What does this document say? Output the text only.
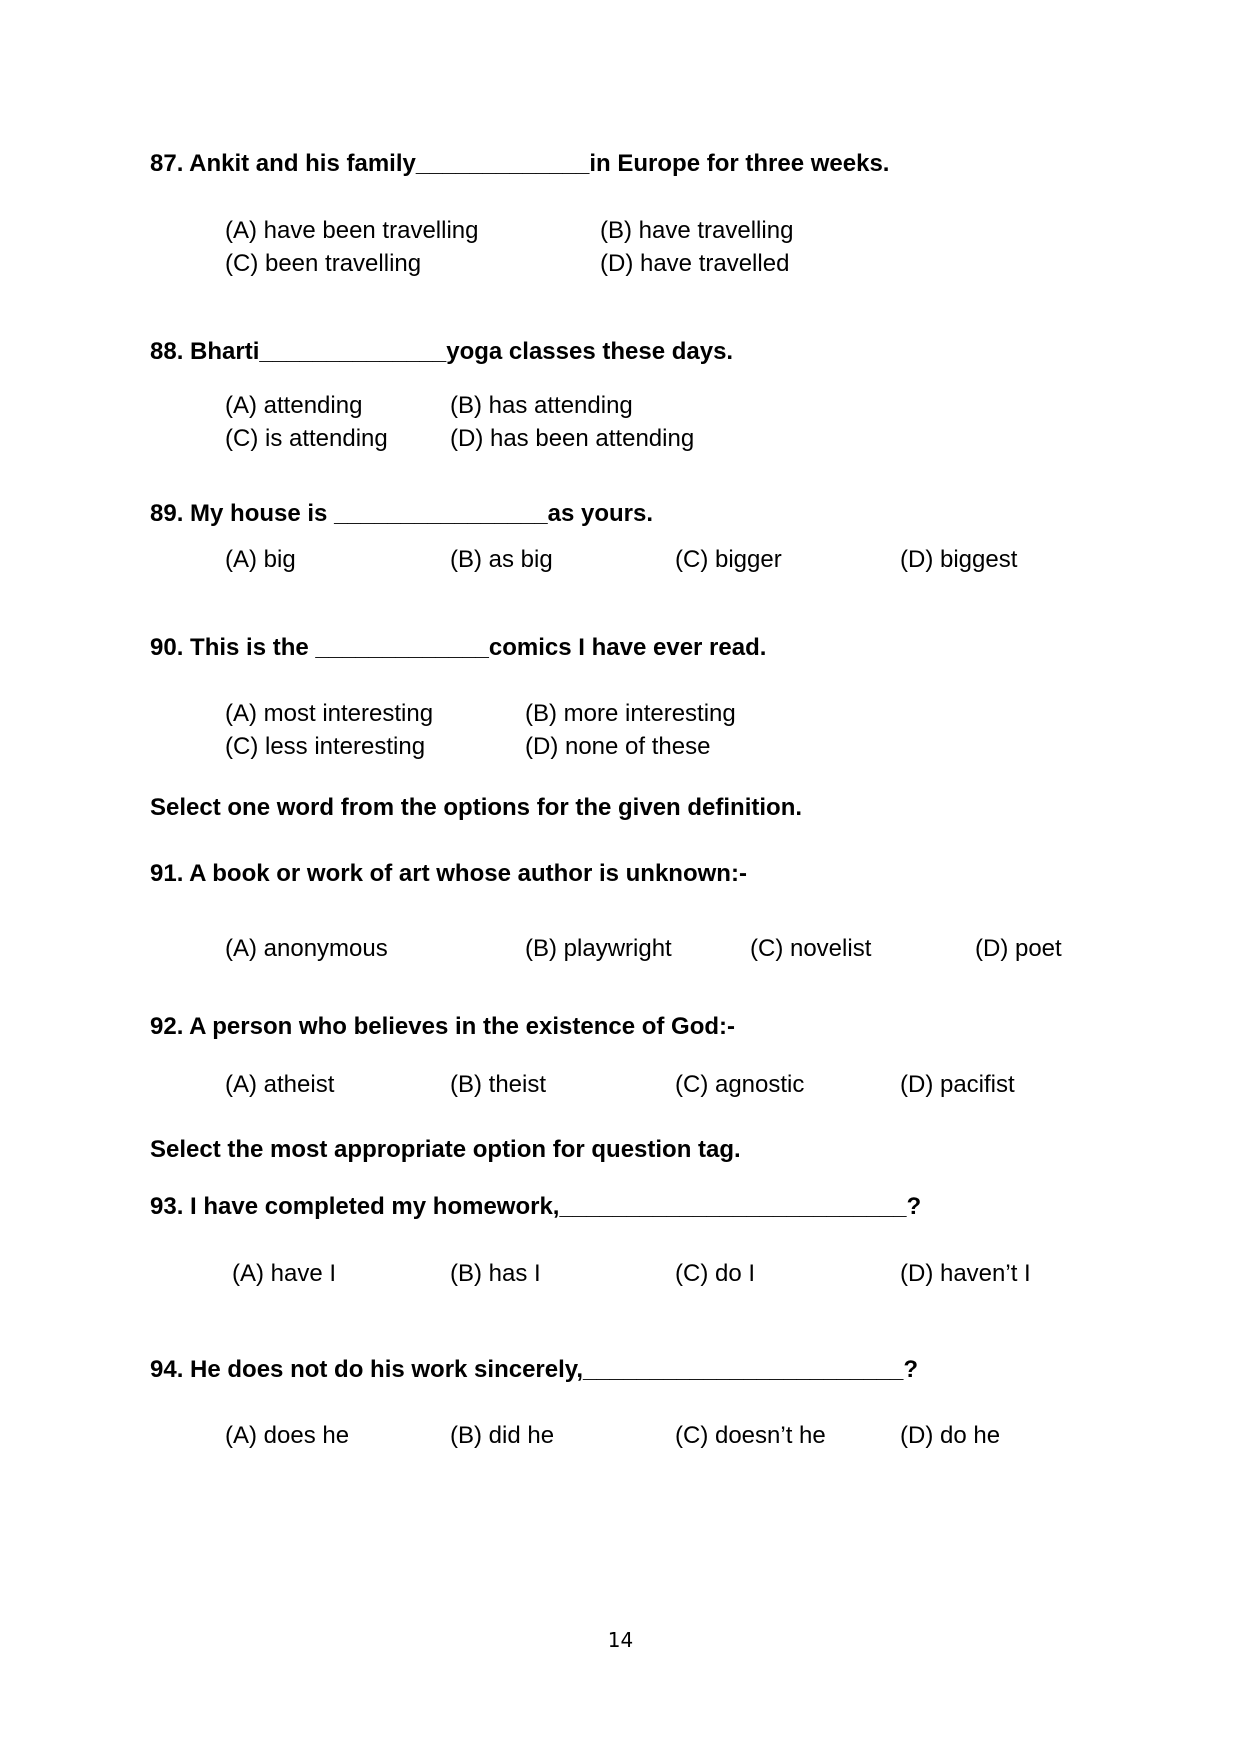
87. Ankit and his family_____________in Europe for three weeks.
(A) have been travelling	(B) have travelling
(C) been travelling	(D) have travelled
88. Bharti______________yoga classes these days.
(A) attending	(B) has attending
(C) is attending	(D) has been attending
89. My house is ________________as yours.
(A) big	(B) as big	(C) bigger	(D) biggest
90. This is the _____________comics I have ever read.
(A) most interesting	(B) more interesting
(C) less interesting	(D) none of these
Select one word from the options for the given definition.
91. A book or work of art whose author is unknown:-
(A) anonymous	(B) playwright	(C) novelist	(D) poet
92. A person who believes in the existence of God:-
(A) atheist	(B) theist	(C) agnostic	(D) pacifist
Select the most appropriate option for question tag.
93. I have completed my homework,__________________________?
(A) have I	(B) has I	(C) do I	(D) haven’t I
94. He does not do his work sincerely,________________________?
(A) does he	(B) did he	(C) doesn’t he	(D) do he
14
